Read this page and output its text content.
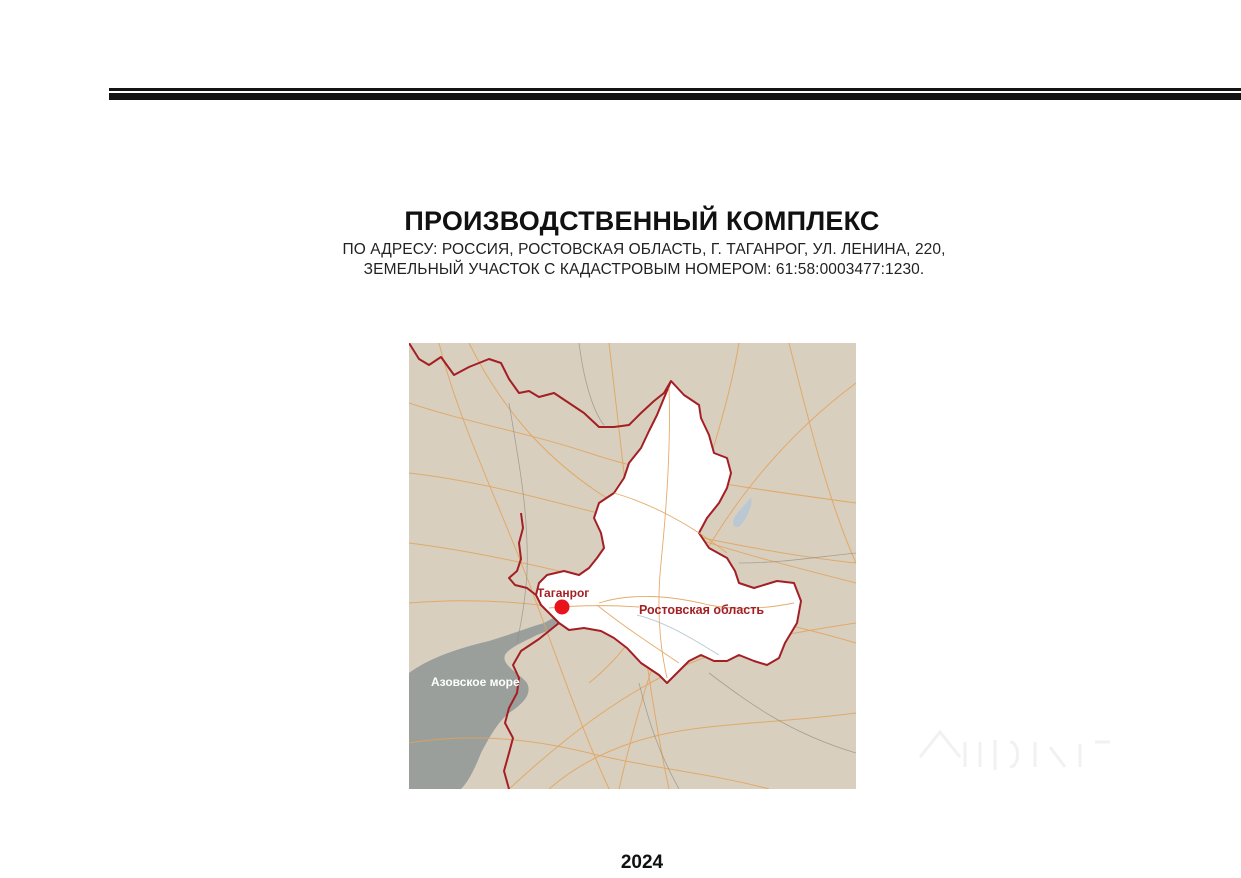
ПРОИЗВОДСТВЕННЫЙ КОМПЛЕКС
ПО АДРЕСУ: РОССИЯ, РОСТОВСКАЯ ОБЛАСТЬ, Г. ТАГАНРОГ, УЛ. ЛЕНИНА, 220,
ЗЕМЕЛЬНЫЙ УЧАСТОК С КАДАСТРОВЫМ НОМЕРОМ: 61:58:0003477:1230.
Таганрог
Ростовская область
Азовское море
2024
